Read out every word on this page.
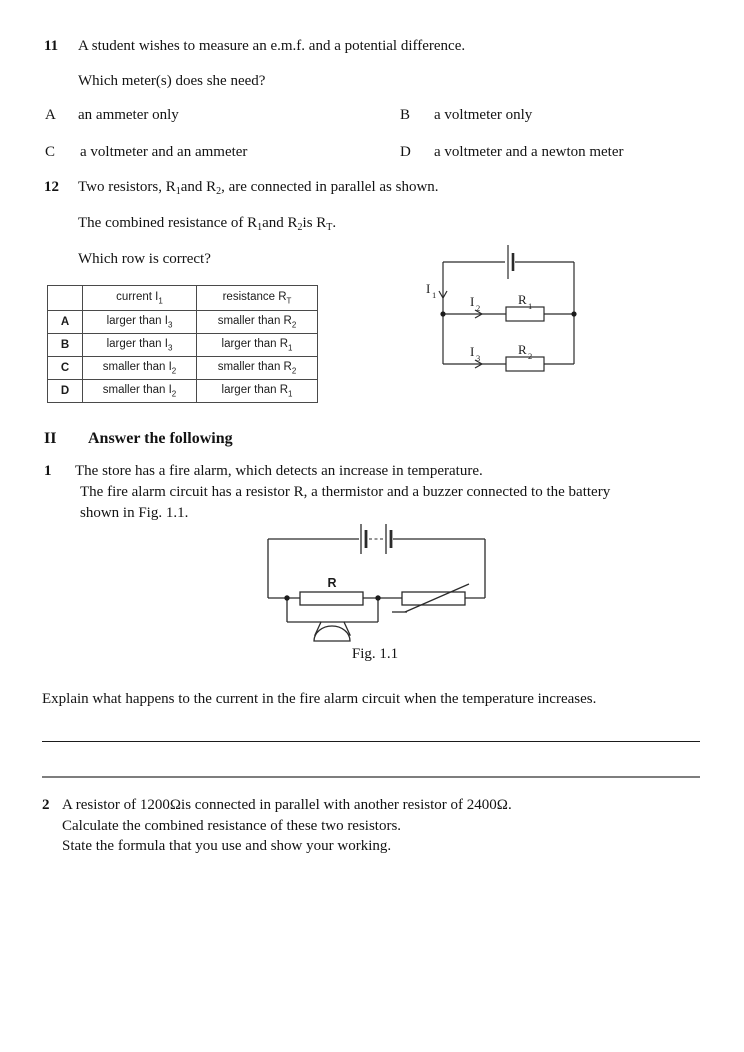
11 A student wishes to measure an e.m.f. and a potential difference.
Which meter(s) does she need?
A an ammeter only	B a voltmeter only
C a voltmeter and an ammeter	D a voltmeter and a newton meter
12 Two resistors, $R_1and$ $R_2$, are connected in parallel as shown.
The combined resistance of $R_1and$ $R_2is$ $R_T$.
Which row is correct?
	current $I_1$	resistance $R_T$
A	larger than $I_3$	smaller than $R_2$
B	larger than $I_3$	larger than $R_1$
C	smaller than $I_2$	smaller than $R_2$
D	smaller than $I_2$	larger than $R_1$
I 1	I 2
R 1
I 3
R 2
II Answer the following
1 The store has a fire alarm, which detects an increase in temperature.
The fire alarm circuit has a resistor R, a thermistor and a buzzer connected to the battery
shown in Fig. 1.1.
R
Fig. 1.1
Explain what happens to the current in the fire alarm circuit when the temperature increases.
2 A resistor of 1200Ωis connected in parallel with another resistor of 2400Ω.
Calculate the combined resistance of these two resistors.
State the formula that you use and show your working.
